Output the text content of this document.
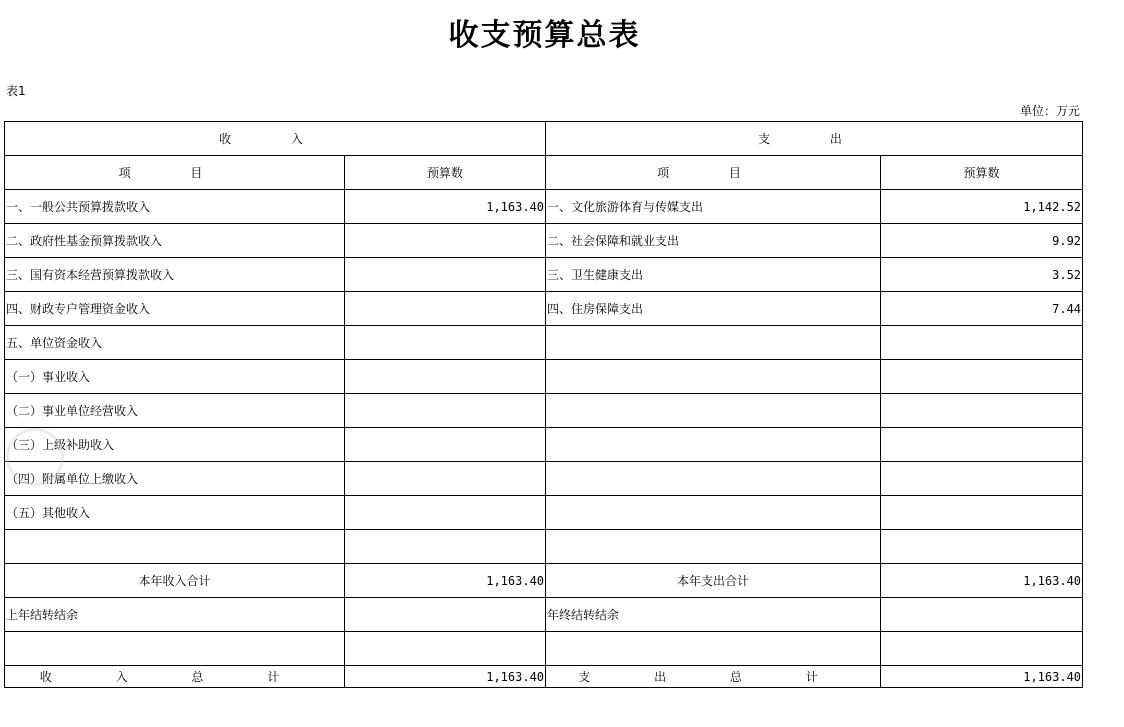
收支预算总表
表1
单位：万元
收 入		支 出	
项 目	预算数	项 目	预算数
一、一般公共预算拨款收入	1,163.40	一、文化旅游体育与传媒支出	1,142.52
二、政府性基金预算拨款收入		二、社会保障和就业支出	9.92
三、国有资本经营预算拨款收入		三、卫生健康支出	3.52
四、财政专户管理资金收入		四、住房保障支出	7.44
五、单位资金收入			
（一）事业收入			
（二）事业单位经营收入			
（三）上级补助收入			
（四）附属单位上缴收入			
（五）其他收入			

本年收入合计	1,163.40	本年支出合计	1,163.40
上年结转结余		年终结转结余	

收 入 总 计	1,163.40	支 出 总 计	1,163.40
